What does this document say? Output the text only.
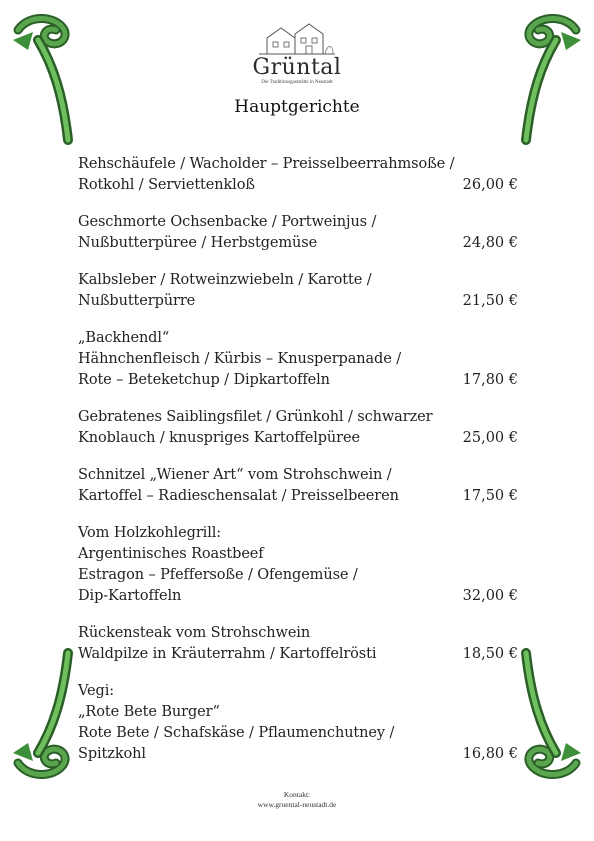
Grüntal
Die Traditionsgaststätte in Neustadt
Hauptgerichte
Rehschäufele / Wacholder – Preisselbeerrahmsoße /
Rotkohl / Serviettenkloß	26,00 €
Geschmorte Ochsenbacke / Portweinjus /
Nußbutterpüree / Herbstgemüse	24,80 €
Kalbsleber / Rotweinzwiebeln / Karotte /
Nußbutterpürre	21,50 €
„Backhendl“
Hähnchenfleisch / Kürbis – Knusperpanade /
Rote – Beteketchup / Dipkartoffeln	17,80 €
Gebratenes Saiblingsfilet / Grünkohl / schwarzer
Knoblauch / knuspriges Kartoffelpüree	25,00 €
Schnitzel „Wiener Art“ vom Strohschwein /
Kartoffel – Radieschensalat / Preisselbeeren	17,50 €
Vom Holzkohlegrill:
Argentinisches Roastbeef
Estragon – Pfeffersoße / Ofengemüse /
Dip-Kartoffeln	32,00 €
Rückensteak vom Strohschwein
Waldpilze in Kräuterrahm / Kartoffelrösti	18,50 €
Vegi:
„Rote Bete Burger“
Rote Bete / Schafskäse / Pflaumenchutney /
Spitzkohl	16,80 €
Kontakt:
www.gruental-neustadt.de
